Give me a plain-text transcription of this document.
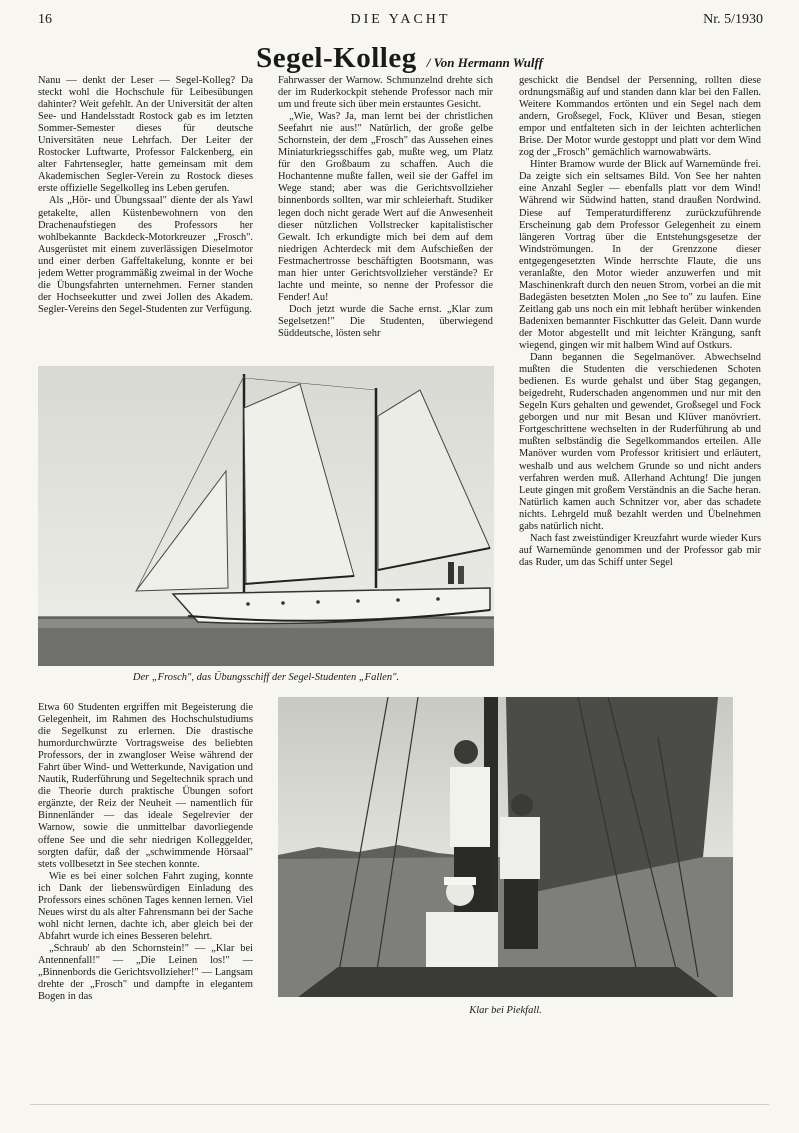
16	DIE YACHT	Nr. 5/1930
Segel-Kolleg / Von Hermann Wulff

Nanu — denkt der Leser — Segel-Kolleg? Da steckt wohl die Hochschule für Leibesübungen dahinter? Weit gefehlt. An der Universität der alten See- und Handelsstadt Rostock gab es im letzten Sommer-Semester dieses für deutsche Universitäten neue Lehrfach. Der Leiter der Rostocker Luftwarte, Professor Falckenberg, ein alter Fahrtensegler, hatte gemeinsam mit dem Akademischen Segler-Verein zu Rostock dieses erste offizielle Segelkolleg ins Leben gerufen.

Als „Hör- und Übungssaal" diente der als Yawl getakelte, allen Küstenbewohnern von den Drachenaufstiegen des Professors her wohlbekannte Backdeck-Motorkreuzer „Frosch". Ausgerüstet mit einem zuverlässigen Dieselmotor und einer derben Gaffeltakelung, konnte er bei jedem Wetter programmäßig zweimal in der Woche die Übungsfahrten unternehmen. Ferner standen der Hochseekutter und zwei Jollen des Akadem. Segler-Vereins den Segel-Studenten zur Verfügung.

Fahrwasser der Warnow. Schmunzelnd drehte sich der im Ruderkockpit stehende Professor nach mir um und freute sich über mein erstauntes Gesicht.

„Wie, Was? Ja, man lernt bei der christlichen Seefahrt nie aus!" Natürlich, der große gelbe Schornstein, der dem „Frosch" das Aussehen eines Miniaturkriegsschiffes gab, mußte weg, um Platz für den Großbaum zu schaffen. Auch die Hochantenne mußte fallen, weil sie der Gaffel im Wege stand; aber was die Gerichtsvollzieher binnenbords sollten, war mir schleierhaft. Studiker legen doch nicht gerade Wert auf die Anwesenheit dieser nützlichen Vollstrecker kapitalistischer Gewalt. Ich erkundigte mich bei dem auf dem niedrigen Achterdeck mit dem Aufschießen der Festmachertrosse beschäftigten Bootsmann, was man hier unter Gerichtsvollzieher verstände? Er lachte und meinte, so nenne der Professor die Fender! Au!

Doch jetzt wurde die Sache ernst. „Klar zum Segelsetzen!" Die Studenten, überwiegend Süddeutsche, lösten sehr

geschickt die Bendsel der Persenning, rollten diese ordnungsmäßig auf und standen dann klar bei den Fallen. Weitere Kommandos ertönten und ein Segel nach dem andern, Großsegel, Fock, Klüver und Besan, stiegen empor und entfalteten sich in der leichten achterlichen Brise. Der Motor wurde gestoppt und platt vor dem Wind zog der „Frosch" gemächlich warnowabwärts.

Hinter Bramow wurde der Blick auf Warnemünde frei. Da zeigte sich ein seltsames Bild. Von See her nahten eine Anzahl Segler — ebenfalls platt vor dem Wind! Während wir Südwind hatten, stand draußen Nordwind. Diese auf Temperaturdifferenz zurückzuführende Erscheinung gab dem Professor Gelegenheit zu einem längeren Vortrag über die Entstehungsgesetze der Windströmungen. In der Grenzzone dieser entgegengesetzten Winde herrschte Flaute, die uns veranlaßte, den Motor wieder anzuwerfen und mit Maschinenkraft durch den neuen Strom, vorbei an die mit Badegästen besetzten Molen „no See to" zu laufen. Eine Zeitlang gab uns noch ein mit lebhaft herüber winkenden Badenixen bemannter Fischkutter das Geleit. Dann wurde der Motor abgestellt und mit leichter Krängung, sanft wiegend, gingen wir mit halbem Wind auf Ostkurs.

Dann begannen die Segelmanöver. Abwechselnd mußten die Studenten die verschiedenen Schoten bedienen. Es wurde gehalst und über Stag gegangen, beigedreht, Ruderschaden angenommen und nur mit den Segeln Kurs gehalten und gewendet, Großsegel und Fock geborgen und nur mit Besan und Klüver manövriert. Fortgeschrittene wechselten in der Ruderführung ab und mußten selbständig die Segelkommandos erteilen. Alle Manöver wurden vom Professor kritisiert und erläutert, weshalb und aus welchem Grunde so und nicht anders verfahren werden muß. Allerhand Achtung! Die jungen Leute gingen mit großem Verständnis an die Sache heran. Natürlich kamen auch Schnitzer vor, aber das schadete nichts. Lehrgeld muß bezahlt werden und Übelnehmen gabs natürlich nicht.

Nach fast zweistündiger Kreuzfahrt wurde wieder Kurs auf Warnemünde genommen und der Professor gab mir das Ruder, um das Schiff unter Segel

Der „Frosch", das Übungsschiff der Segel-Studenten „Fallen".

Etwa 60 Studenten ergriffen mit Begeisterung die Gelegenheit, im Rahmen des Hochschulstudiums die Segelkunst zu erlernen. Die drastische humordurchwürzte Vortragsweise des beliebten Professors, der in zwangloser Weise während der Fahrt über Wind- und Wetterkunde, Navigation und Nautik, Ruderführung und Segeltechnik sprach und die Theorie durch praktische Übungen sofort ergänzte, der Reiz der Neuheit — namentlich für Binnenländer — das ideale Segelrevier der Warnow, sowie die unmittelbar davorliegende offene See und die sehr niedrigen Kolleggelder, sorgten dafür, daß der „schwimmende Hörsaal" stets vollbesetzt in See stechen konnte.

Wie es bei einer solchen Fahrt zuging, konnte ich Dank der liebenswürdigen Einladung des Professors eines schönen Tages kennen lernen. Viel Neues wirst du als alter Fahrensmann bei der Sache wohl nicht lernen, dachte ich, aber gleich bei der Abfahrt wurde ich eines Besseren belehrt.

„Schraub' ab den Schornstein!" — „Klar bei Antennenfall!" — „Die Leinen los!" — „Binnenbords die Gerichtsvollzieher!" — Langsam drehte der „Frosch" und dampfte in elegantem Bogen in das

Klar bei Piekfall.
